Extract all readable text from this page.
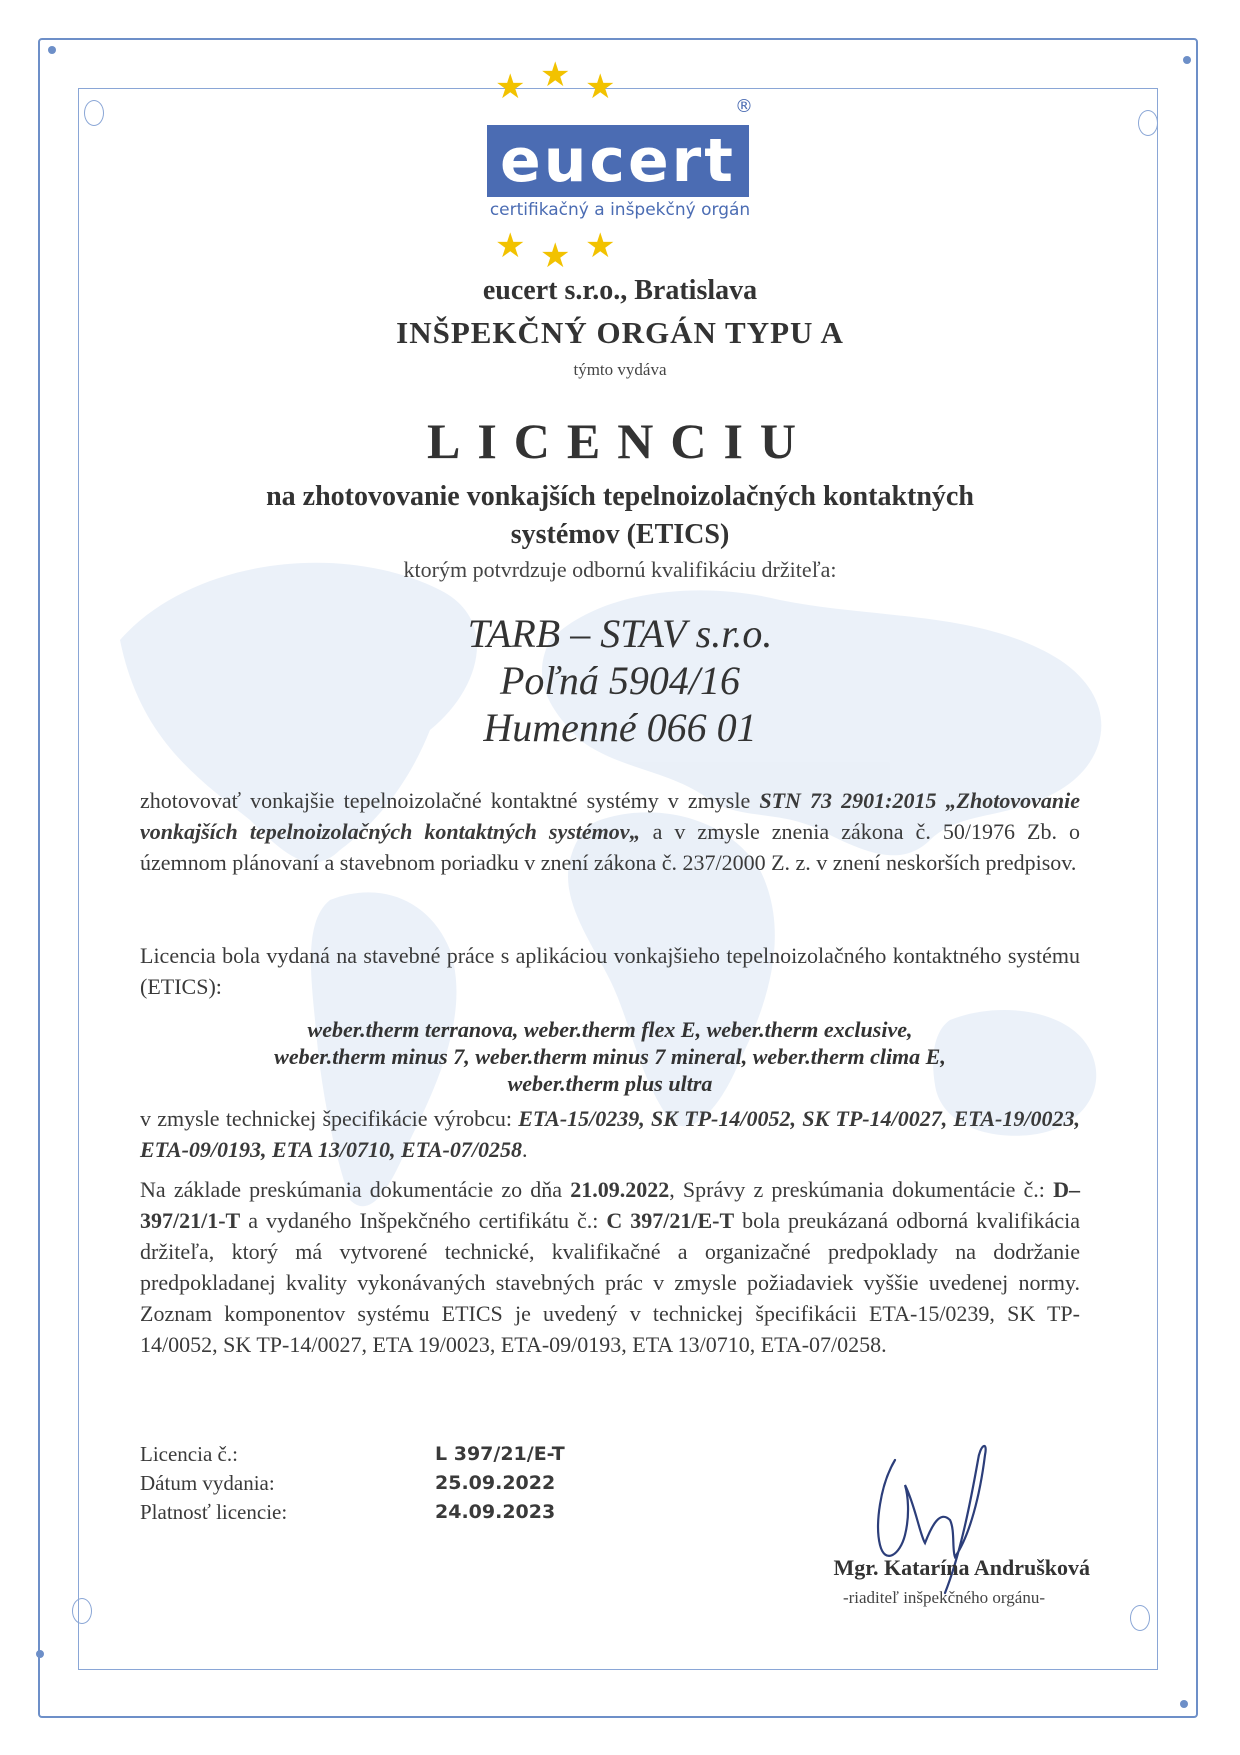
★ ★ ★	®
eucert
certifikačný a inšpekčný orgán
★ ★ ★
eucert s.r.o., Bratislava
INŠPEKČNÝ ORGÁN TYPU A
týmto vydáva
LICENCIU
na zhotovovanie vonkajších tepelnoizolačných kontaktných
systémov (ETICS)
ktorým potvrdzuje odbornú kvalifikáciu držiteľa:
TARB – STAV s.r.o.
Poľná 5904/16
Humenné 066 01

zhotovovať vonkajšie tepelnoizolačné kontaktné systémy v zmysle STN 73 2901:2015 „Zhotovovanie vonkajších tepelnoizolačných kontaktných systémov„ a v zmysle znenia zákona č. 50/1976 Zb. o územnom plánovaní a stavebnom poriadku v znení zákona č. 237/2000 Z. z. v znení neskorších predpisov.

Licencia bola vydaná na stavebné práce s aplikáciou vonkajšieho tepelnoizolačného kontaktného systému (ETICS):

weber.therm terranova, weber.therm flex E, weber.therm exclusive,
weber.therm minus 7, weber.therm minus 7 mineral, weber.therm clima E,
weber.therm plus ultra

v zmysle technickej špecifikácie výrobcu: ETA-15/0239, SK TP-14/0052, SK TP-14/0027, ETA-19/0023, ETA-09/0193, ETA 13/0710, ETA-07/0258.

Na základe preskúmania dokumentácie zo dňa 21.09.2022, Správy z preskúmania dokumentácie č.: D–397/21/1-T a vydaného Inšpekčného certifikátu č.: C 397/21/E-T bola preukázaná odborná kvalifikácia držiteľa, ktorý má vytvorené technické, kvalifikačné a organizačné predpoklady na dodržanie predpokladanej kvality vykonávaných stavebných prác v zmysle požiadaviek vyššie uvedenej normy. Zoznam komponentov systému ETICS je uvedený v technickej špecifikácii ETA-15/0239, SK TP-14/0052, SK TP-14/0027, ETA 19/0023, ETA-09/0193, ETA 13/0710, ETA-07/0258.

Licencia č.:	L 397/21/E-T
Dátum vydania:	25.09.2022
Platnosť licencie:	24.09.2023
Mgr. Katarína Andrušková
-riaditeľ inšpekčného orgánu-
